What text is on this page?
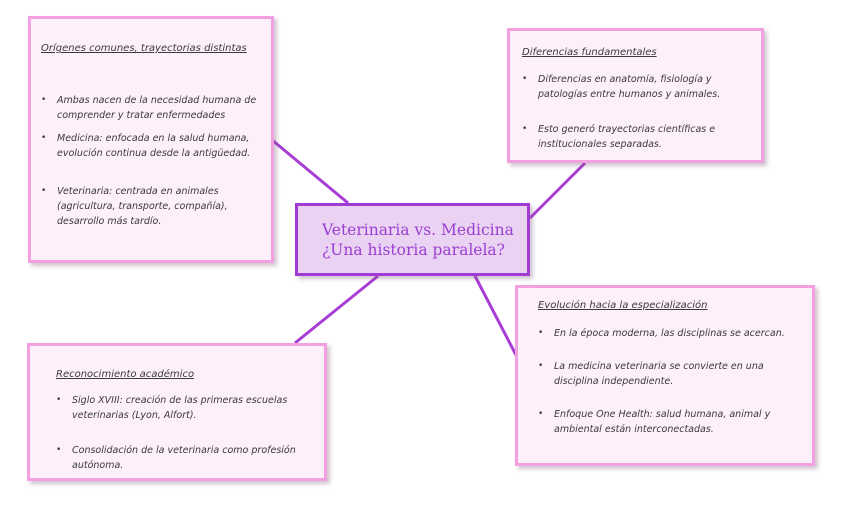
Orígenes comunes, trayectorias distintas
• Ambas nacen de la necesidad humana de comprender y tratar enfermedades
• Medicina: enfocada en la salud humana, evolución continua desde la antigüedad.
• Veterinaria: centrada en animales (agricultura, transporte, compañía), desarrollo más tardío.
Diferencias fundamentales
• Diferencias en anatomía, fisiología y patologías entre humanos y animales.
• Esto generó trayectorias científicas e institucionales separadas.
Veterinaria vs. Medicina
¿Una historia paralela?
Evolución hacia la especialización
• En la época moderna, las disciplinas se acercan.
• La medicina veterinaria se convierte en una disciplina independiente.
• Enfoque One Health: salud humana, animal y ambiental están interconectadas.
Reconocimiento académico
• Siglo XVIII: creación de las primeras escuelas veterinarias (Lyon, Alfort).
• Consolidación de la veterinaria como profesión autónoma.
